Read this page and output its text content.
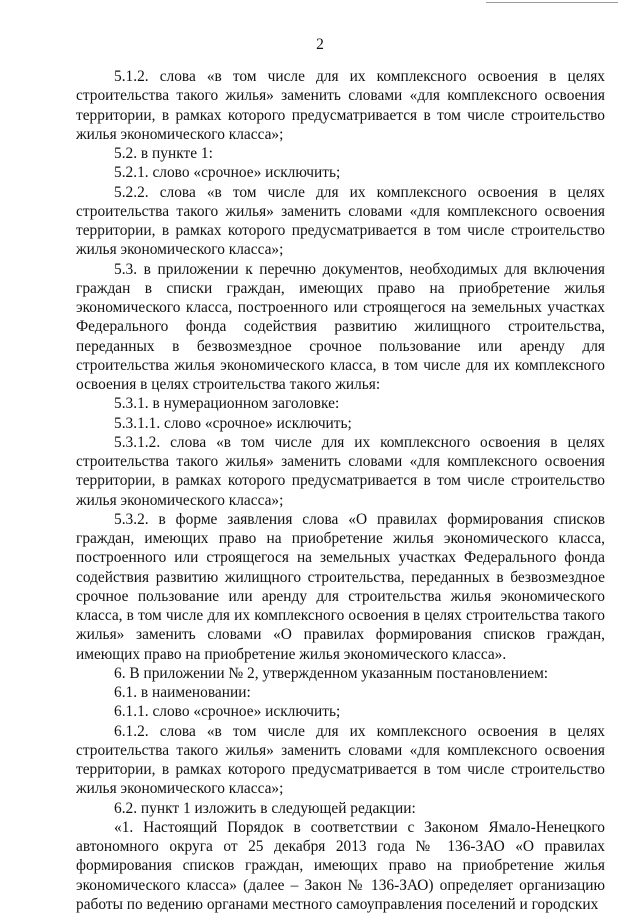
2

5.1.2. слова «в том числе для их комплексного освоения в целях строительства такого жилья» заменить словами «для комплексного освоения территории, в рамках которого предусматривается в том числе строительство жилья экономического класса»;

5.2. в пункте 1:

5.2.1. слово «срочное» исключить;

5.2.2. слова «в том числе для их комплексного освоения в целях строительства такого жилья» заменить словами «для комплексного освоения территории, в рамках которого предусматривается в том числе строительство жилья экономического класса»;

5.3. в приложении к перечню документов, необходимых для включения граждан в списки граждан, имеющих право на приобретение жилья экономического класса, построенного или строящегося на земельных участках Федерального фонда содействия развитию жилищного строительства, переданных в безвозмездное срочное пользование или аренду для строительства жилья экономического класса, в том числе для их комплексного освоения в целях строительства такого жилья:

5.3.1. в нумерационном заголовке:

5.3.1.1. слово «срочное» исключить;

5.3.1.2. слова «в том числе для их комплексного освоения в целях строительства такого жилья» заменить словами «для комплексного освоения территории, в рамках которого предусматривается в том числе строительство жилья экономического класса»;

5.3.2. в форме заявления слова «О правилах формирования списков граждан, имеющих право на приобретение жилья экономического класса, построенного или строящегося на земельных участках Федерального фонда содействия развитию жилищного строительства, переданных в безвозмездное срочное пользование или аренду для строительства жилья экономического класса, в том числе для их комплексного освоения в целях строительства такого жилья» заменить словами «О правилах формирования списков граждан, имеющих право на приобретение жилья экономического класса».

6. В приложении № 2, утвержденном указанным постановлением:

6.1. в наименовании:

6.1.1. слово «срочное» исключить;

6.1.2. слова «в том числе для их комплексного освоения в целях строительства такого жилья» заменить словами «для комплексного освоения территории, в рамках которого предусматривается в том числе строительство жилья экономического класса»;

6.2. пункт 1 изложить в следующей редакции:

«1. Настоящий Порядок в соответствии с Законом Ямало-Ненецкого автономного округа от 25 декабря 2013 года № 136-ЗАО «О правилах формирования списков граждан, имеющих право на приобретение жилья экономического класса» (далее – Закон № 136-ЗАО) определяет организацию работы по ведению органами местного самоуправления поселений и городских
